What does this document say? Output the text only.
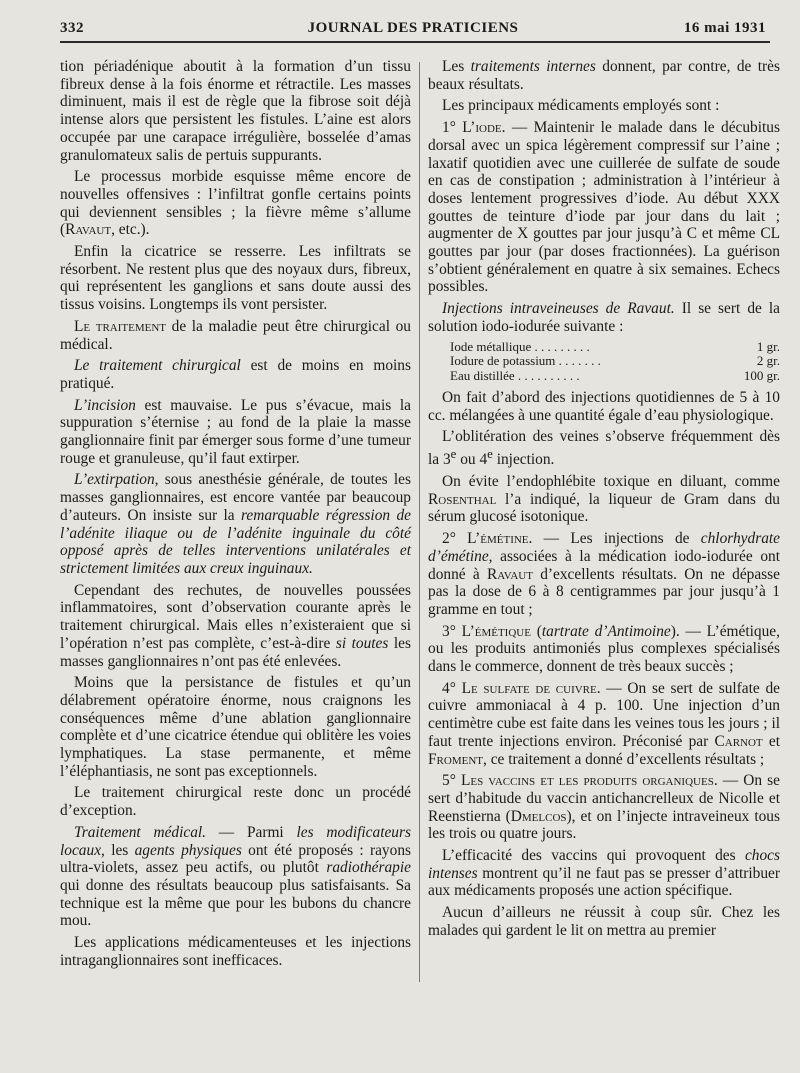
332	JOURNAL DES PRATICIENS	16 mai 1931

tion périadénique aboutit à la formation d’un tissu fibreux dense à la fois énorme et rétractile. Les masses diminuent, mais il est de règle que la fibrose soit déjà intense alors que persistent les fistules. L’aine est alors occupée par une carapace irrégulière, bosselée d’amas granulomateux salis de pertuis suppurants.

Le processus morbide esquisse même encore de nouvelles offensives : l’infiltrat gonfle certains points qui deviennent sensibles ; la fièvre même s’allume (Ravaut, etc.).

Enfin la cicatrice se resserre. Les infiltrats se résorbent. Ne restent plus que des noyaux durs, fibreux, qui représentent les ganglions et sans doute aussi des tissus voisins. Longtemps ils vont persister.

Le traitement de la maladie peut être chirurgical ou médical.

Le traitement chirurgical est de moins en moins pratiqué.

L’incision est mauvaise. Le pus s’évacue, mais la suppuration s’éternise ; au fond de la plaie la masse ganglionnaire finit par émerger sous forme d’une tumeur rouge et granuleuse, qu’il faut extirper.

L’extirpation, sous anesthésie générale, de toutes les masses ganglionnaires, est encore vantée par beaucoup d’auteurs. On insiste sur la remarquable régression de l’adénite iliaque ou de l’adénite inguinale du côté opposé après de telles interventions unilatérales et strictement limitées aux creux inguinaux.

Cependant des rechutes, de nouvelles poussées inflammatoires, sont d’observation courante après le traitement chirurgical. Mais elles n’existeraient que si l’opération n’est pas complète, c’est-à-dire si toutes les masses ganglionnaires n’ont pas été enlevées.

Moins que la persistance de fistules et qu’un délabrement opératoire énorme, nous craignons les conséquences même d’une ablation ganglionnaire complète et d’une cicatrice étendue qui oblitère les voies lymphatiques. La stase permanente, et même l’éléphantiasis, ne sont pas exceptionnels.

Le traitement chirurgical reste donc un procédé d’exception.

Traitement médical. — Parmi les modificateurs locaux, les agents physiques ont été proposés : rayons ultra-violets, assez peu actifs, ou plutôt radiothérapie qui donne des résultats beaucoup plus satisfaisants. Sa technique est la même que pour les bubons du chancre mou.

Les applications médicamenteuses et les injections intraganglionnaires sont inefficaces.

Les traitements internes donnent, par contre, de très beaux résultats.

Les principaux médicaments employés sont :

1° L’iode. — Maintenir le malade dans le décubitus dorsal avec un spica légèrement compressif sur l’aine ; laxatif quotidien avec une cuillerée de sulfate de soude en cas de constipation ; administration à l’intérieur à doses lentement progressives d’iode. Au début XXX gouttes de teinture d’iode par jour dans du lait ; augmenter de X gouttes par jour jusqu’à C et même CL gouttes par jour (par doses fractionnées). La guérison s’obtient généralement en quatre à six semaines. Echecs possibles.

Injections intraveineuses de Ravaut. Il se sert de la solution iodo-iodurée suivante :

Iode métallique . . . . . . . . .	1 gr.
Iodure de potassium . . . . . . .	2 gr.
Eau distillée . . . . . . . . . .	100 gr.

On fait d’abord des injections quotidiennes de 5 à 10 cc. mélangées à une quantité égale d’eau physiologique.

L’oblitération des veines s’observe fréquemment dès la 3e ou 4e injection.

On évite l’endophlébite toxique en diluant, comme Rosenthal l’a indiqué, la liqueur de Gram dans du sérum glucosé isotonique.

2° L’émétine. — Les injections de chlorhydrate d’émétine, associées à la médication iodo-iodurée ont donné à Ravaut d’excellents résultats. On ne dépasse pas la dose de 6 à 8 centigrammes par jour jusqu’à 1 gramme en tout ;

3° L’émétique (tartrate d’Antimoine). — L’émétique, ou les produits antimoniés plus complexes spécialisés dans le commerce, donnent de très beaux succès ;

4° Le sulfate de cuivre. — On se sert de sulfate de cuivre ammoniacal à 4 p. 100. Une injection d’un centimètre cube est faite dans les veines tous les jours ; il faut trente injections environ. Préconisé par Carnot et Froment, ce traitement a donné d’excellents résultats ;

5° Les vaccins et les produits organiques. — On se sert d’habitude du vaccin antichancrelleux de Nicolle et Reenstierna (Dmelcos), et on l’injecte intraveineux tous les trois ou quatre jours.

L’efficacité des vaccins qui provoquent des chocs intenses montrent qu’il ne faut pas se presser d’attribuer aux médicaments proposés une action spécifique.

Aucun d’ailleurs ne réussit à coup sûr. Chez les malades qui gardent le lit on mettra au premier
